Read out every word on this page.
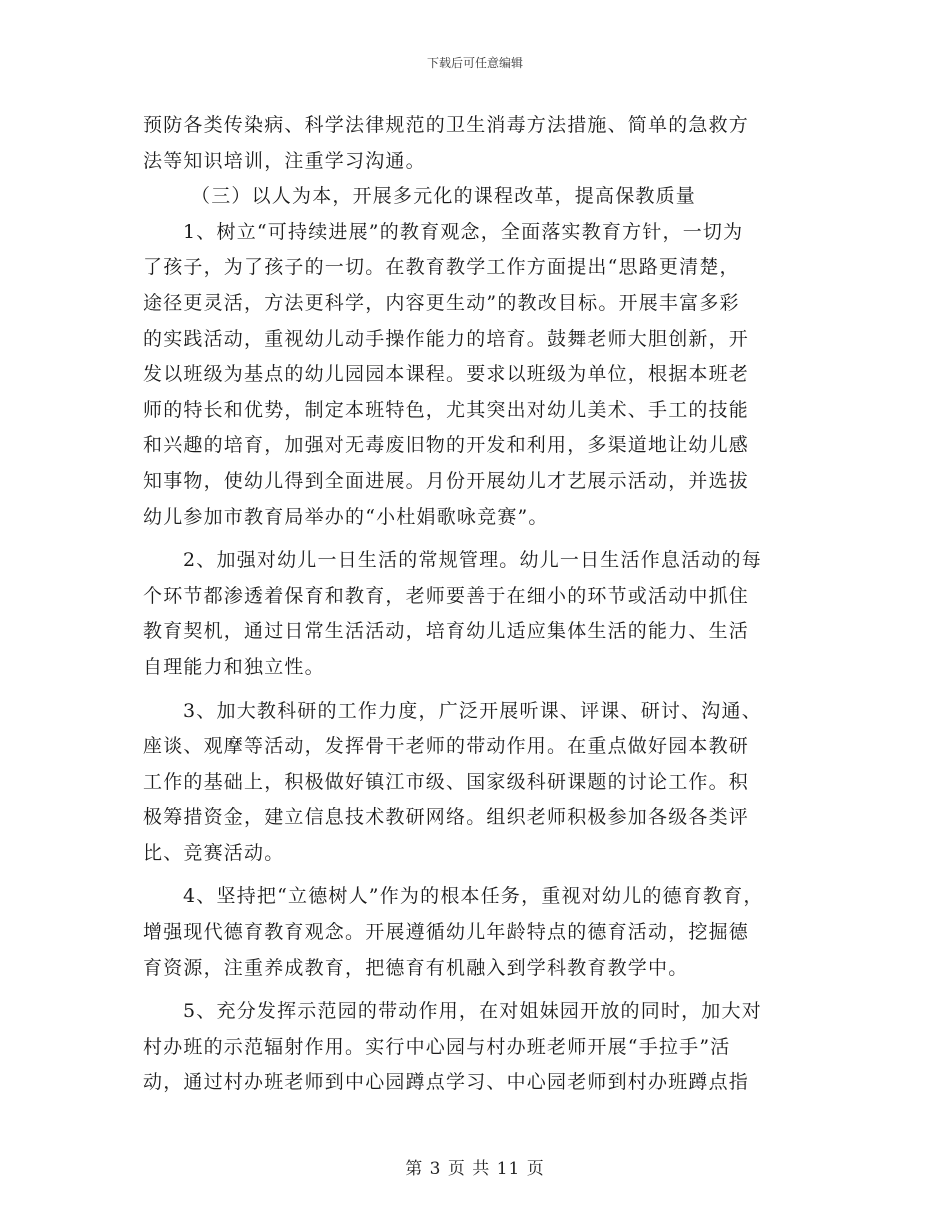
下载后可任意编辑
预防各类传染病、科学法律规范的卫生消毒方法措施、简单的急救方
法等知识培训，注重学习沟通。
（三）以人为本，开展多元化的课程改革，提高保教质量
1、树立“可持续进展”的教育观念，全面落实教育方针，一切为
了孩子，为了孩子的一切。在教育教学工作方面提出“思路更清楚，
途径更灵活，方法更科学，内容更生动”的教改目标。开展丰富多彩
的实践活动，重视幼儿动手操作能力的培育。鼓舞老师大胆创新，开
发以班级为基点的幼儿园园本课程。要求以班级为单位，根据本班老
师的特长和优势，制定本班特色，尤其突出对幼儿美术、手工的技能
和兴趣的培育，加强对无毒废旧物的开发和利用，多渠道地让幼儿感
知事物，使幼儿得到全面进展。月份开展幼儿才艺展示活动，并选拔
幼儿参加市教育局举办的“小杜娟歌咏竞赛”。
2、加强对幼儿一日生活的常规管理。幼儿一日生活作息活动的每
个环节都渗透着保育和教育，老师要善于在细小的环节或活动中抓住
教育契机，通过日常生活活动，培育幼儿适应集体生活的能力、生活
自理能力和独立性。
3、加大教科研的工作力度，广泛开展听课、评课、研讨、沟通、
座谈、观摩等活动，发挥骨干老师的带动作用。在重点做好园本教研
工作的基础上，积极做好镇江市级、国家级科研课题的讨论工作。积
极筹措资金，建立信息技术教研网络。组织老师积极参加各级各类评
比、竞赛活动。
4、坚持把“立德树人”作为的根本任务，重视对幼儿的德育教育，
增强现代德育教育观念。开展遵循幼儿年龄特点的德育活动，挖掘德
育资源，注重养成教育，把德育有机融入到学科教育教学中。
5、充分发挥示范园的带动作用，在对姐妹园开放的同时，加大对
村办班的示范辐射作用。实行中心园与村办班老师开展“手拉手”活
动，通过村办班老师到中心园蹲点学习、中心园老师到村办班蹲点指
第 3 页 共 11 页
